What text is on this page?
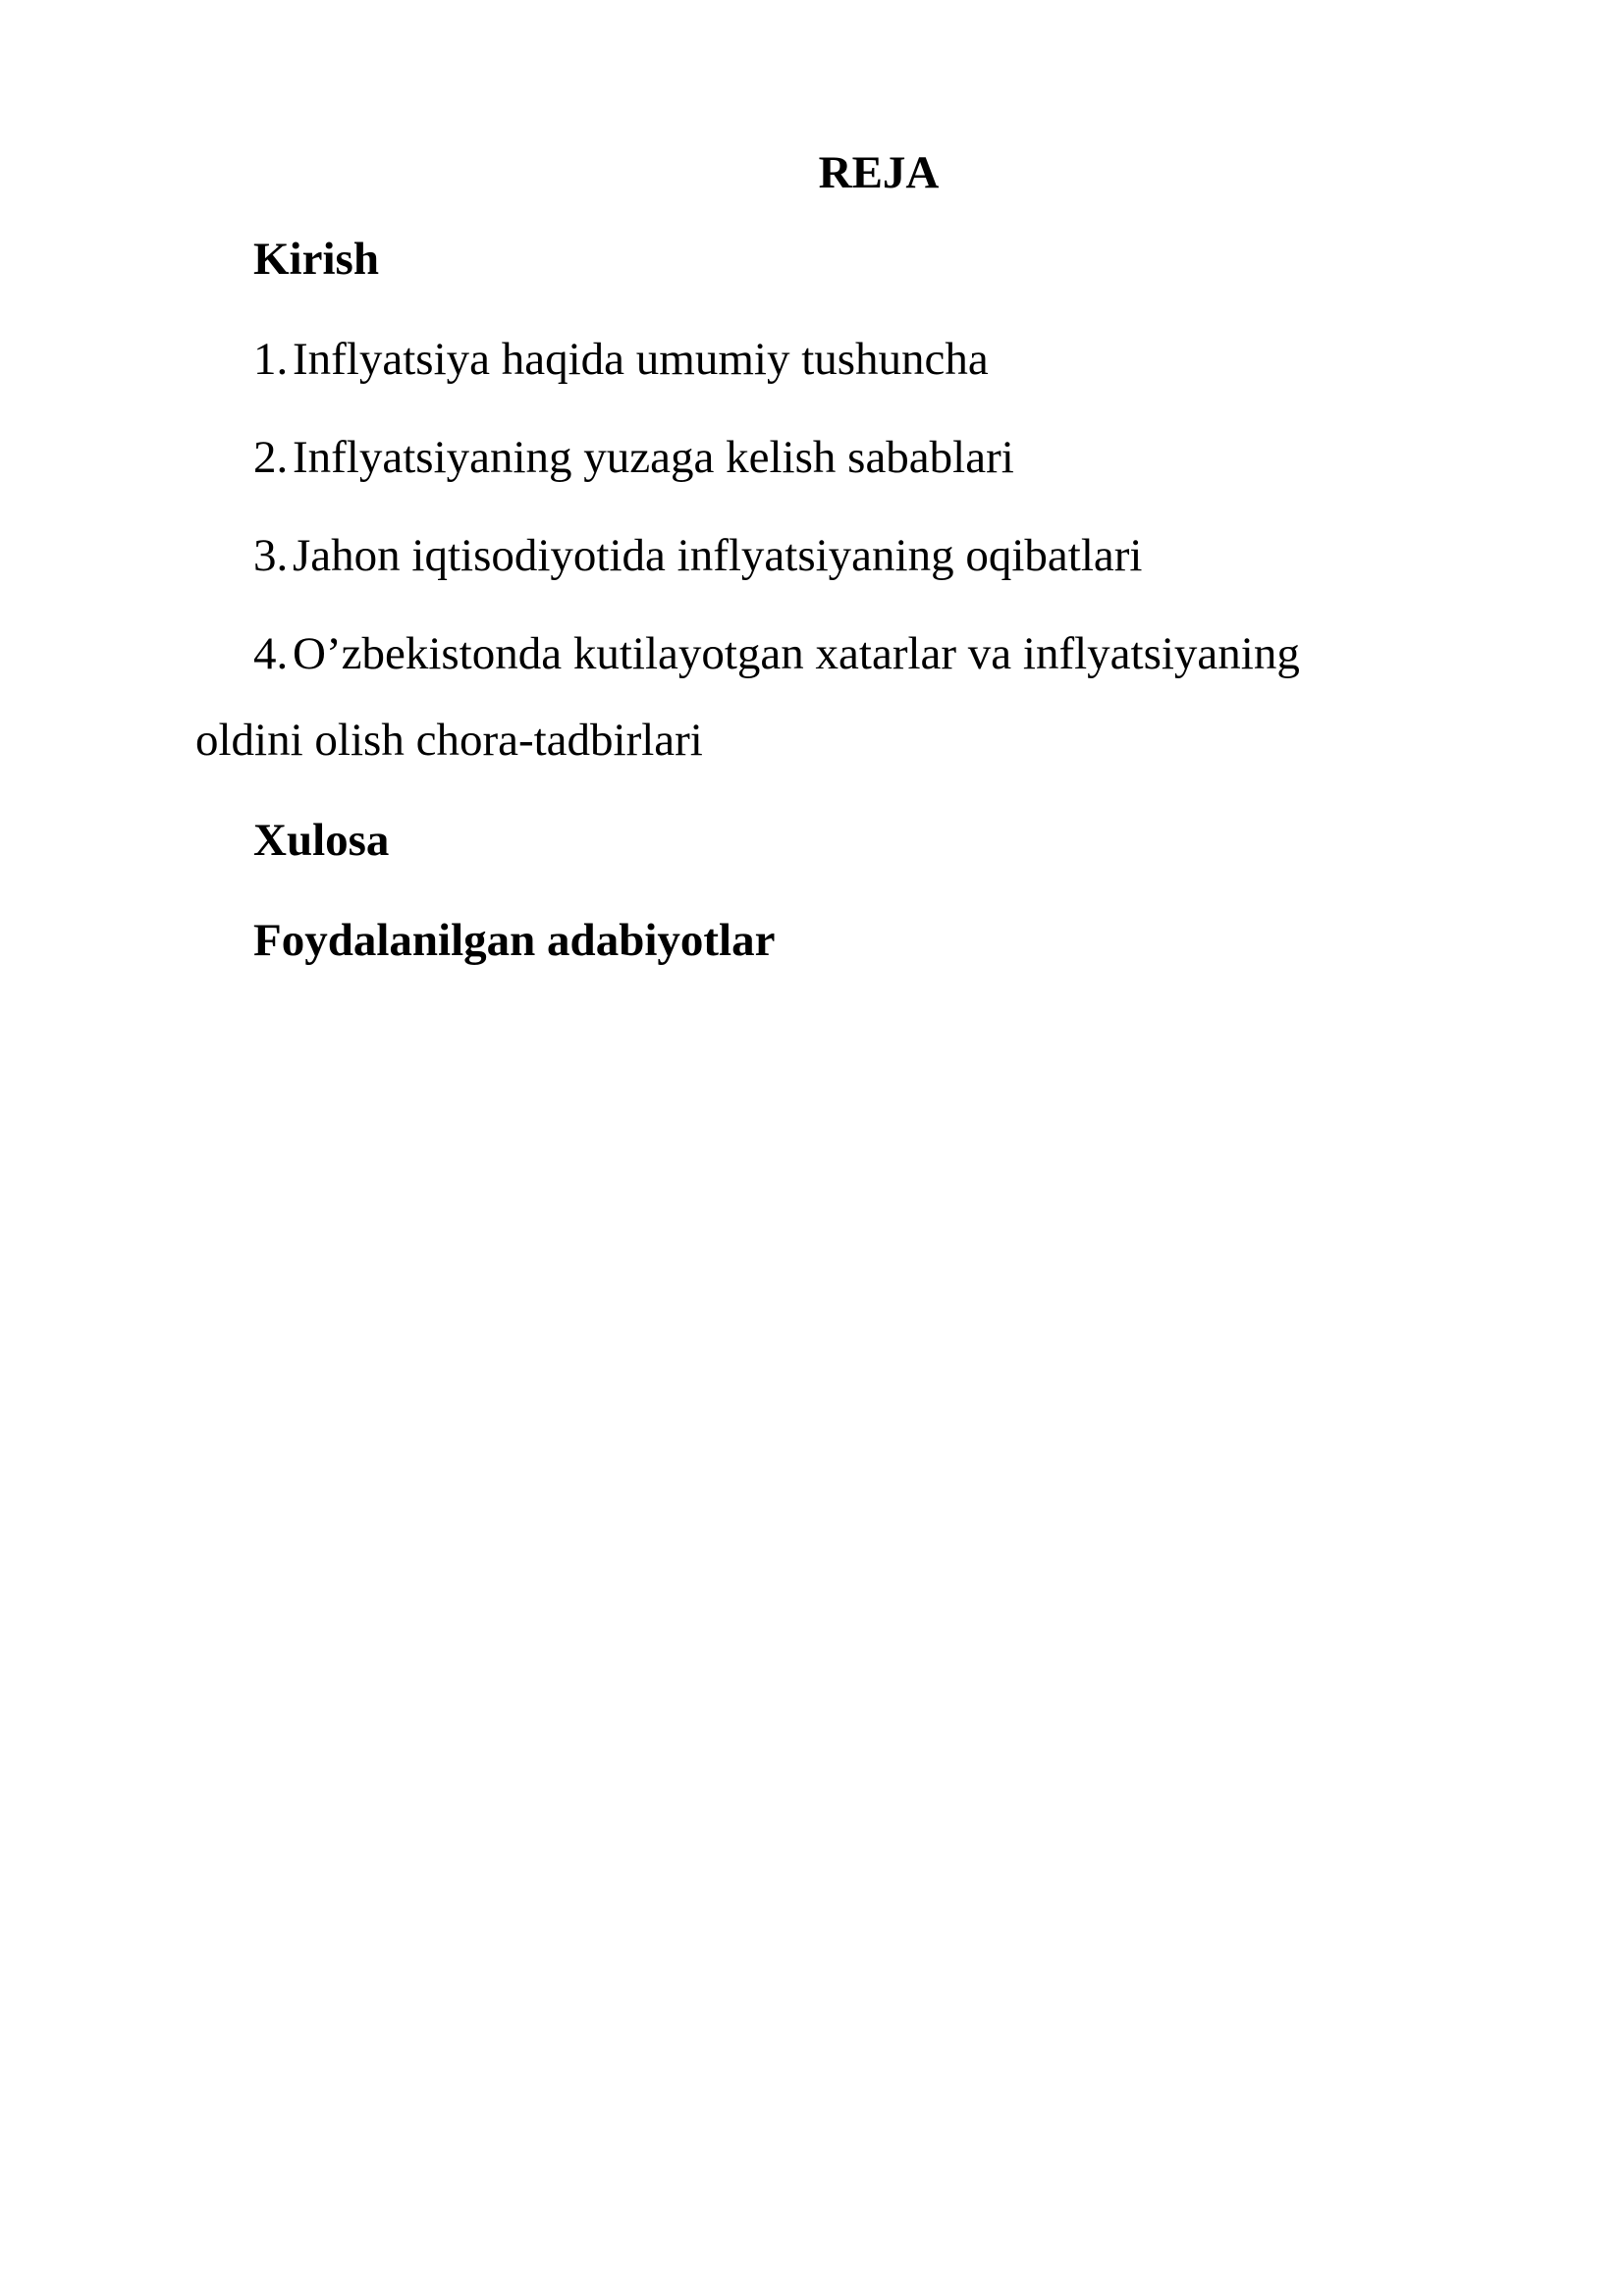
REJA
Kirish
1. Inflyatsiya haqida umumiy tushuncha
2. Inflyatsiyaning yuzaga kelish sabablari
3. Jahon iqtisodiyotida inflyatsiyaning oqibatlari
4. O’zbekistonda kutilayotgan xatarlar va inflyatsiyaning
oldini olish chora-tadbirlari
Xulosa
Foydalanilgan adabiyotlar
